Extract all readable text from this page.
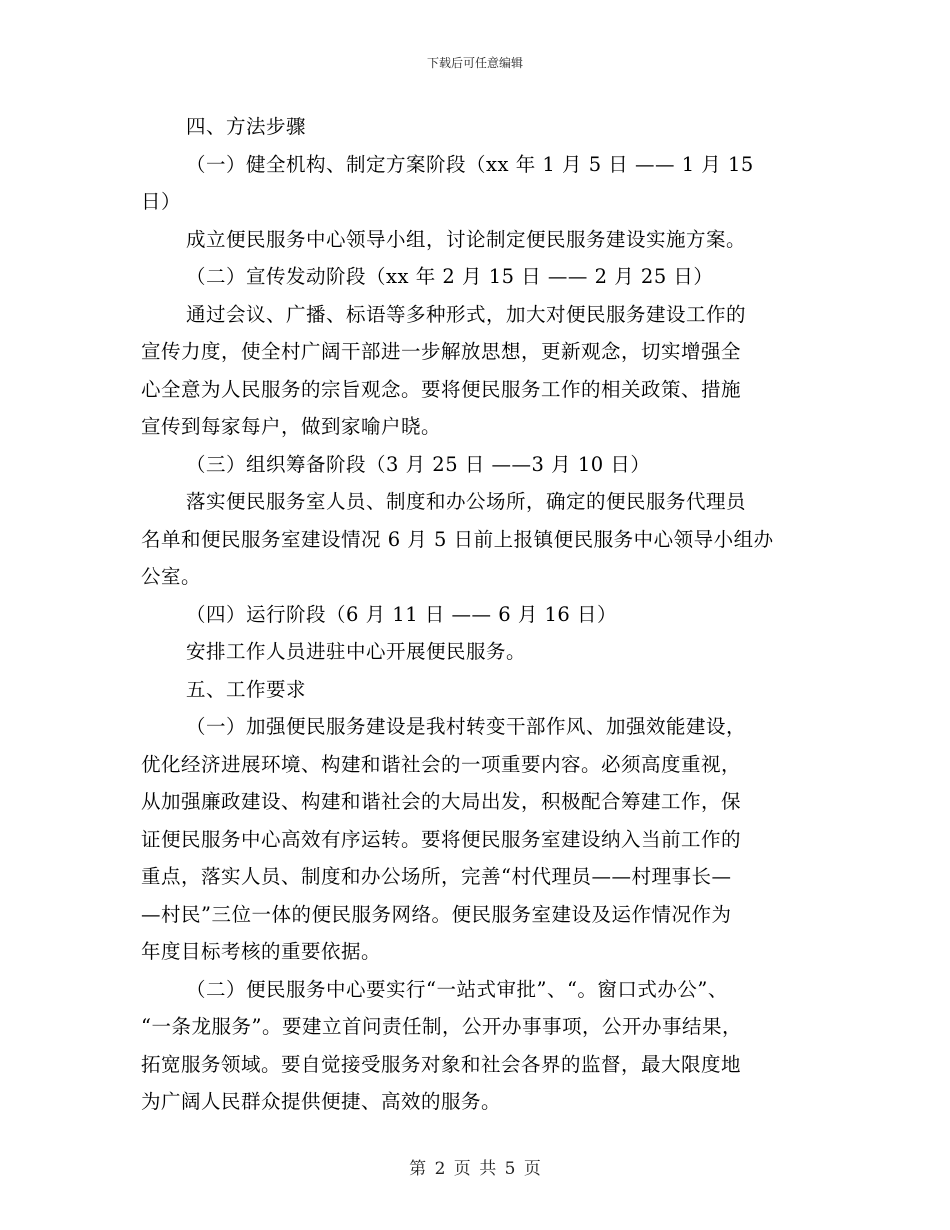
下载后可任意编辑
四、方法步骤
（一）健全机构、制定方案阶段（xx 年 1 月 5 日 —— 1 月 15
日）
成立便民服务中心领导小组，讨论制定便民服务建设实施方案。
（二）宣传发动阶段（xx 年 2 月 15 日 —— 2 月 25 日）
通过会议、广播、标语等多种形式，加大对便民服务建设工作的
宣传力度，使全村广阔干部进一步解放思想，更新观念，切实增强全
心全意为人民服务的宗旨观念。要将便民服务工作的相关政策、措施
宣传到每家每户，做到家喻户晓。
（三）组织筹备阶段（3 月 25 日 ——3 月 10 日）
落实便民服务室人员、制度和办公场所，确定的便民服务代理员
名单和便民服务室建设情况 6 月 5 日前上报镇便民服务中心领导小组办
公室。
（四）运行阶段（6 月 11 日 —— 6 月 16 日）
安排工作人员进驻中心开展便民服务。
五、工作要求
（一）加强便民服务建设是我村转变干部作风、加强效能建设，
优化经济进展环境、构建和谐社会的一项重要内容。必须高度重视，
从加强廉政建设、构建和谐社会的大局出发，积极配合筹建工作，保
证便民服务中心高效有序运转。要将便民服务室建设纳入当前工作的
重点，落实人员、制度和办公场所，完善“村代理员——村理事长—
—村民”三位一体的便民服务网络。便民服务室建设及运作情况作为
年度目标考核的重要依据。
（二）便民服务中心要实行“一站式审批”、“。窗口式办公”、
“一条龙服务”。要建立首问责任制，公开办事事项，公开办事结果，
拓宽服务领域。要自觉接受服务对象和社会各界的监督，最大限度地
为广阔人民群众提供便捷、高效的服务。
第 2 页 共 5 页
